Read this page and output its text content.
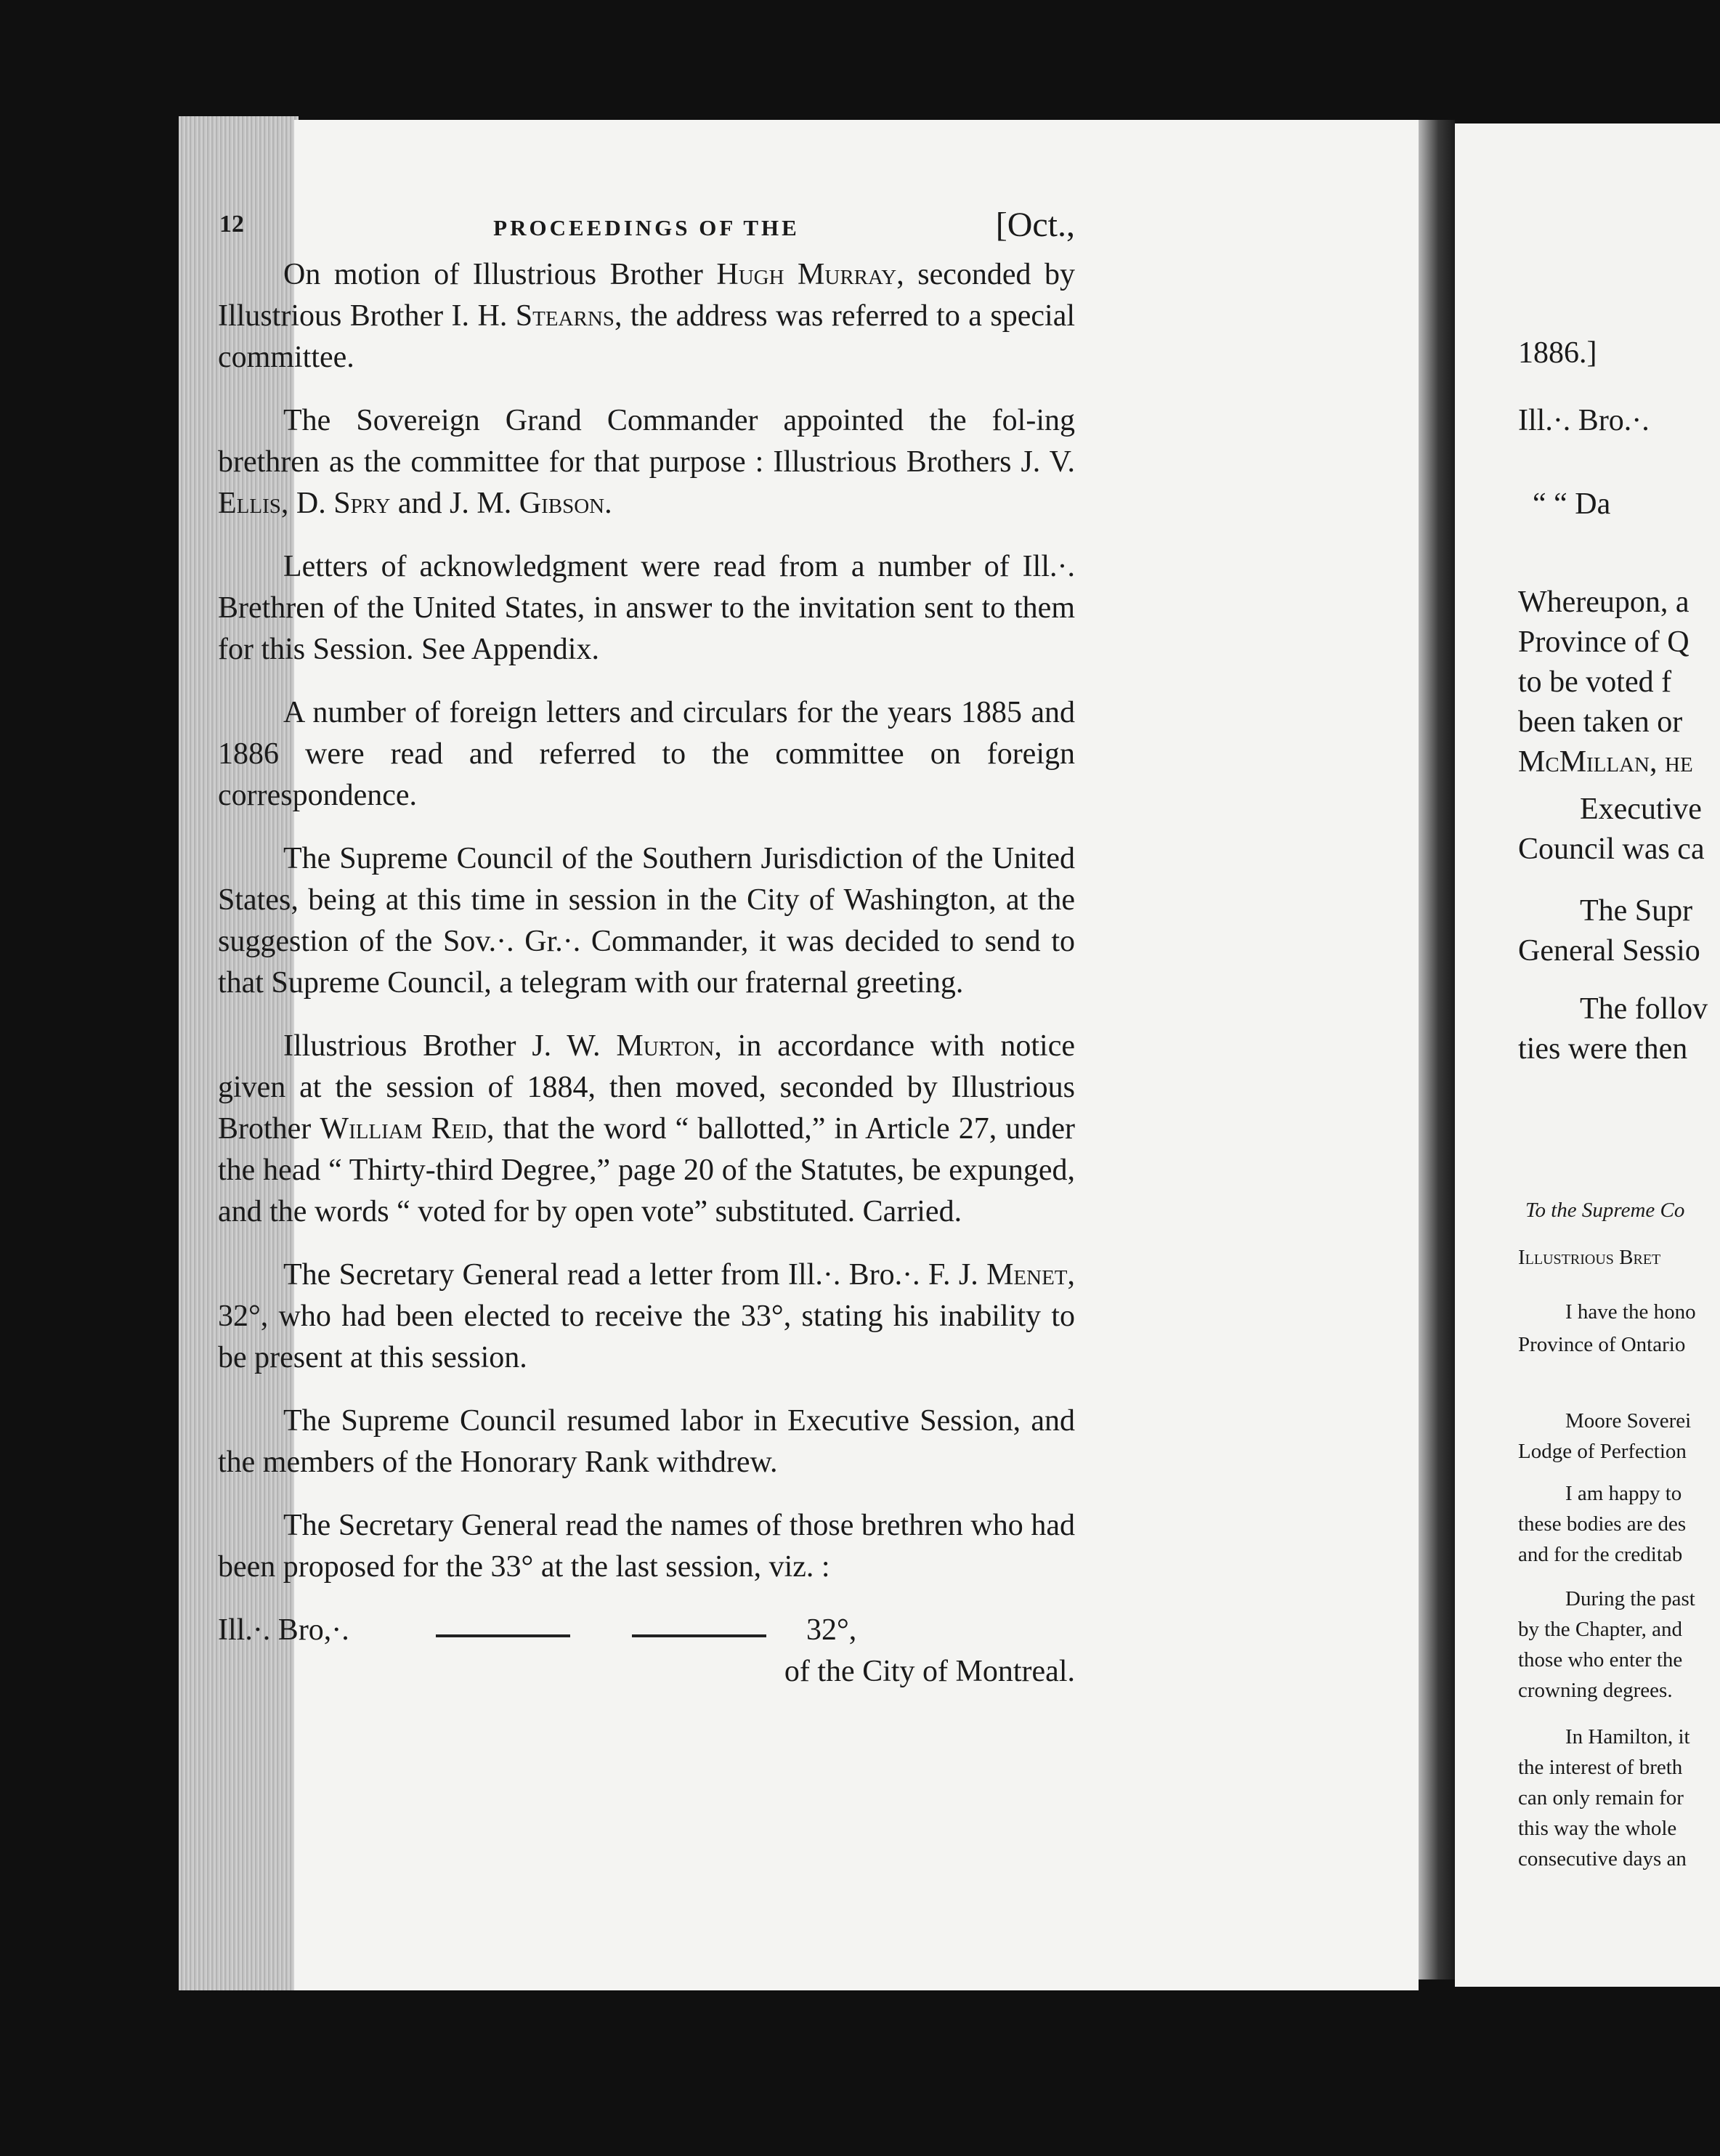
12	PROCEEDINGS OF THE	[Oct.,

On motion of Illustrious Brother Hugh Murray, seconded by Illustrious Brother I. H. Stearns, the address was referred to a special committee.

The Sovereign Grand Commander appointed the fol-ing brethren as the committee for that purpose : Illustrious Brothers J. V. Ellis, D. Spry and J. M. Gibson.

Letters of acknowledgment were read from a number of Ill.·. Brethren of the United States, in answer to the invitation sent to them for this Session. See Appendix.

A number of foreign letters and circulars for the years 1885 and 1886 were read and referred to the committee on foreign correspondence.

The Supreme Council of the Southern Jurisdiction of the United States, being at this time in session in the City of Washington, at the suggestion of the Sov.·. Gr.·. Commander, it was decided to send to that Supreme Council, a telegram with our fraternal greeting.

Illustrious Brother J. W. Murton, in accordance with notice given at the session of 1884, then moved, seconded by Illustrious Brother William Reid, that the word “ ballotted,” in Article 27, under the head “ Thirty-third Degree,” page 20 of the Statutes, be expunged, and the words “ voted for by open vote” substituted. Carried.

The Secretary General read a letter from Ill.·. Bro.·. F. J. Menet, 32°, who had been elected to receive the 33°, stating his inability to be present at this session.

The Supreme Council resumed labor in Executive Session, and the members of the Honorary Rank withdrew.

The Secretary General read the names of those brethren who had been proposed for the 33° at the last session, viz. :

Ill.·. Bro,·.	32°,
of the City of Montreal.
1886.]
Ill.·. Bro.·.
“ “ Da
Whereupon, a
Province of Q
to be voted f
been taken or
McMillan, he
Executive
Council was ca
The Supr
General Sessio
The follov
ties were then
To the Supreme Co
Illustrious Bret
I have the hono
Province of Ontario
Moore Soverei
Lodge of Perfection
I am happy to
these bodies are des
and for the creditab
During the past
by the Chapter, and
those who enter the
crowning degrees.
In Hamilton, it
the interest of breth
can only remain for
this way the whole
consecutive days an
